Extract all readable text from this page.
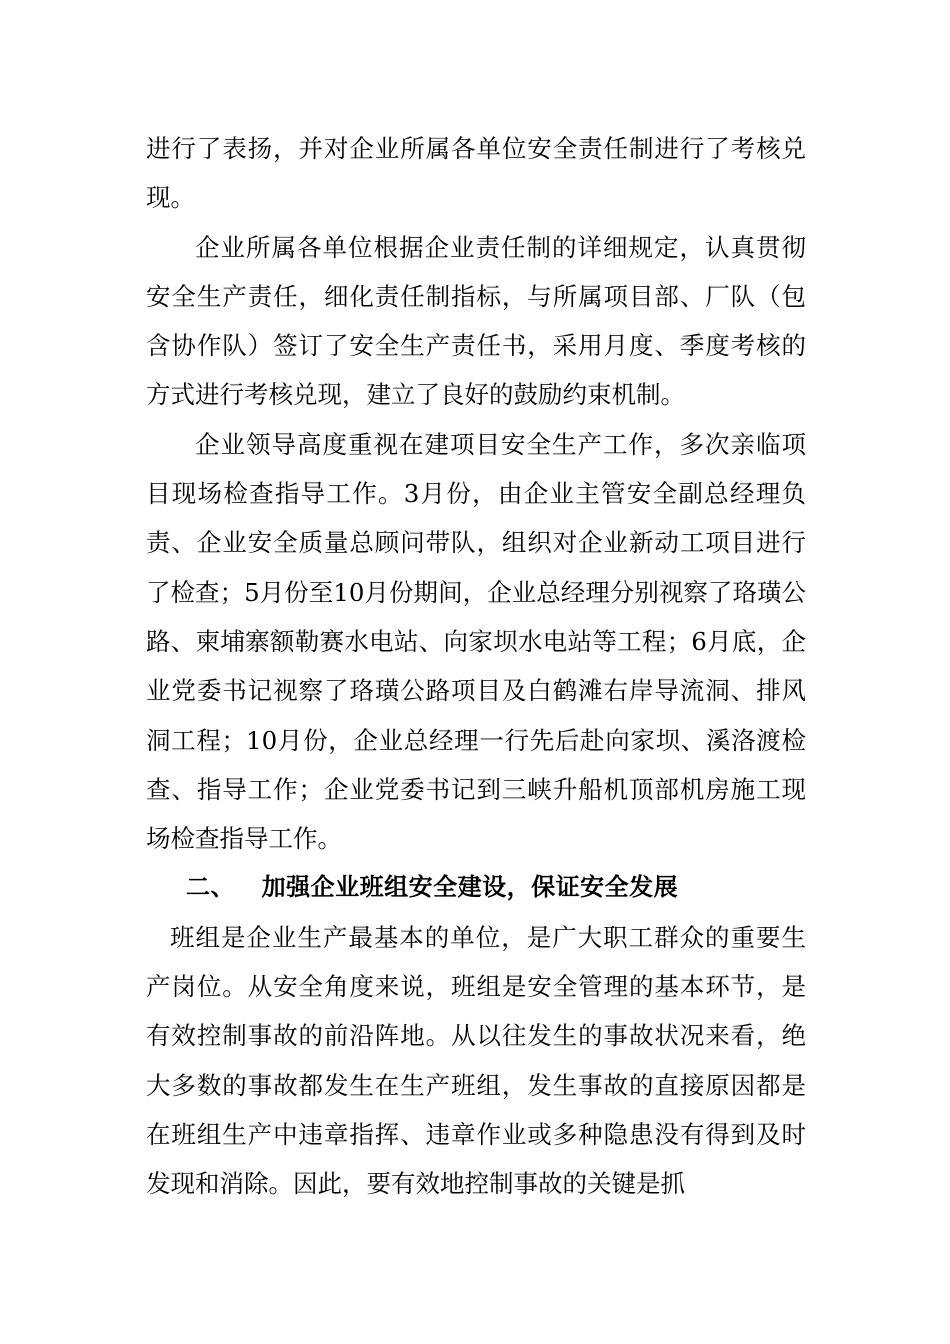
进行了表扬，并对企业所属各单位安全责任制进行了考核兑现。

企业所属各单位根据企业责任制的详细规定，认真贯彻安全生产责任，细化责任制指标，与所属项目部、厂队（包含协作队）签订了安全生产责任书，采用月度、季度考核的方式进行考核兑现，建立了良好的鼓励约束机制。

企业领导高度重视在建项目安全生产工作，多次亲临项目现场检查指导工作。3月份，由企业主管安全副总经理负责、企业安全质量总顾问带队，组织对企业新动工项目进行了检查；5月份至10月份期间，企业总经理分别视察了珞璜公路、柬埔寨额勒赛水电站、向家坝水电站等工程；6月底，企业党委书记视察了珞璜公路项目及白鹤滩右岸导流洞、排风洞工程；10月份，企业总经理一行先后赴向家坝、溪洛渡检查、指导工作；企业党委书记到三峡升船机顶部机房施工现场检查指导工作。

二、 加强企业班组安全建设，保证安全发展

班组是企业生产最基本的单位，是广大职工群众的重要生产岗位。从安全角度来说，班组是安全管理的基本环节，是有效控制事故的前沿阵地。从以往发生的事故状况来看，绝大多数的事故都发生在生产班组，发生事故的直接原因都是在班组生产中违章指挥、违章作业或多种隐患没有得到及时发现和消除。因此，要有效地控制事故的关键是抓
